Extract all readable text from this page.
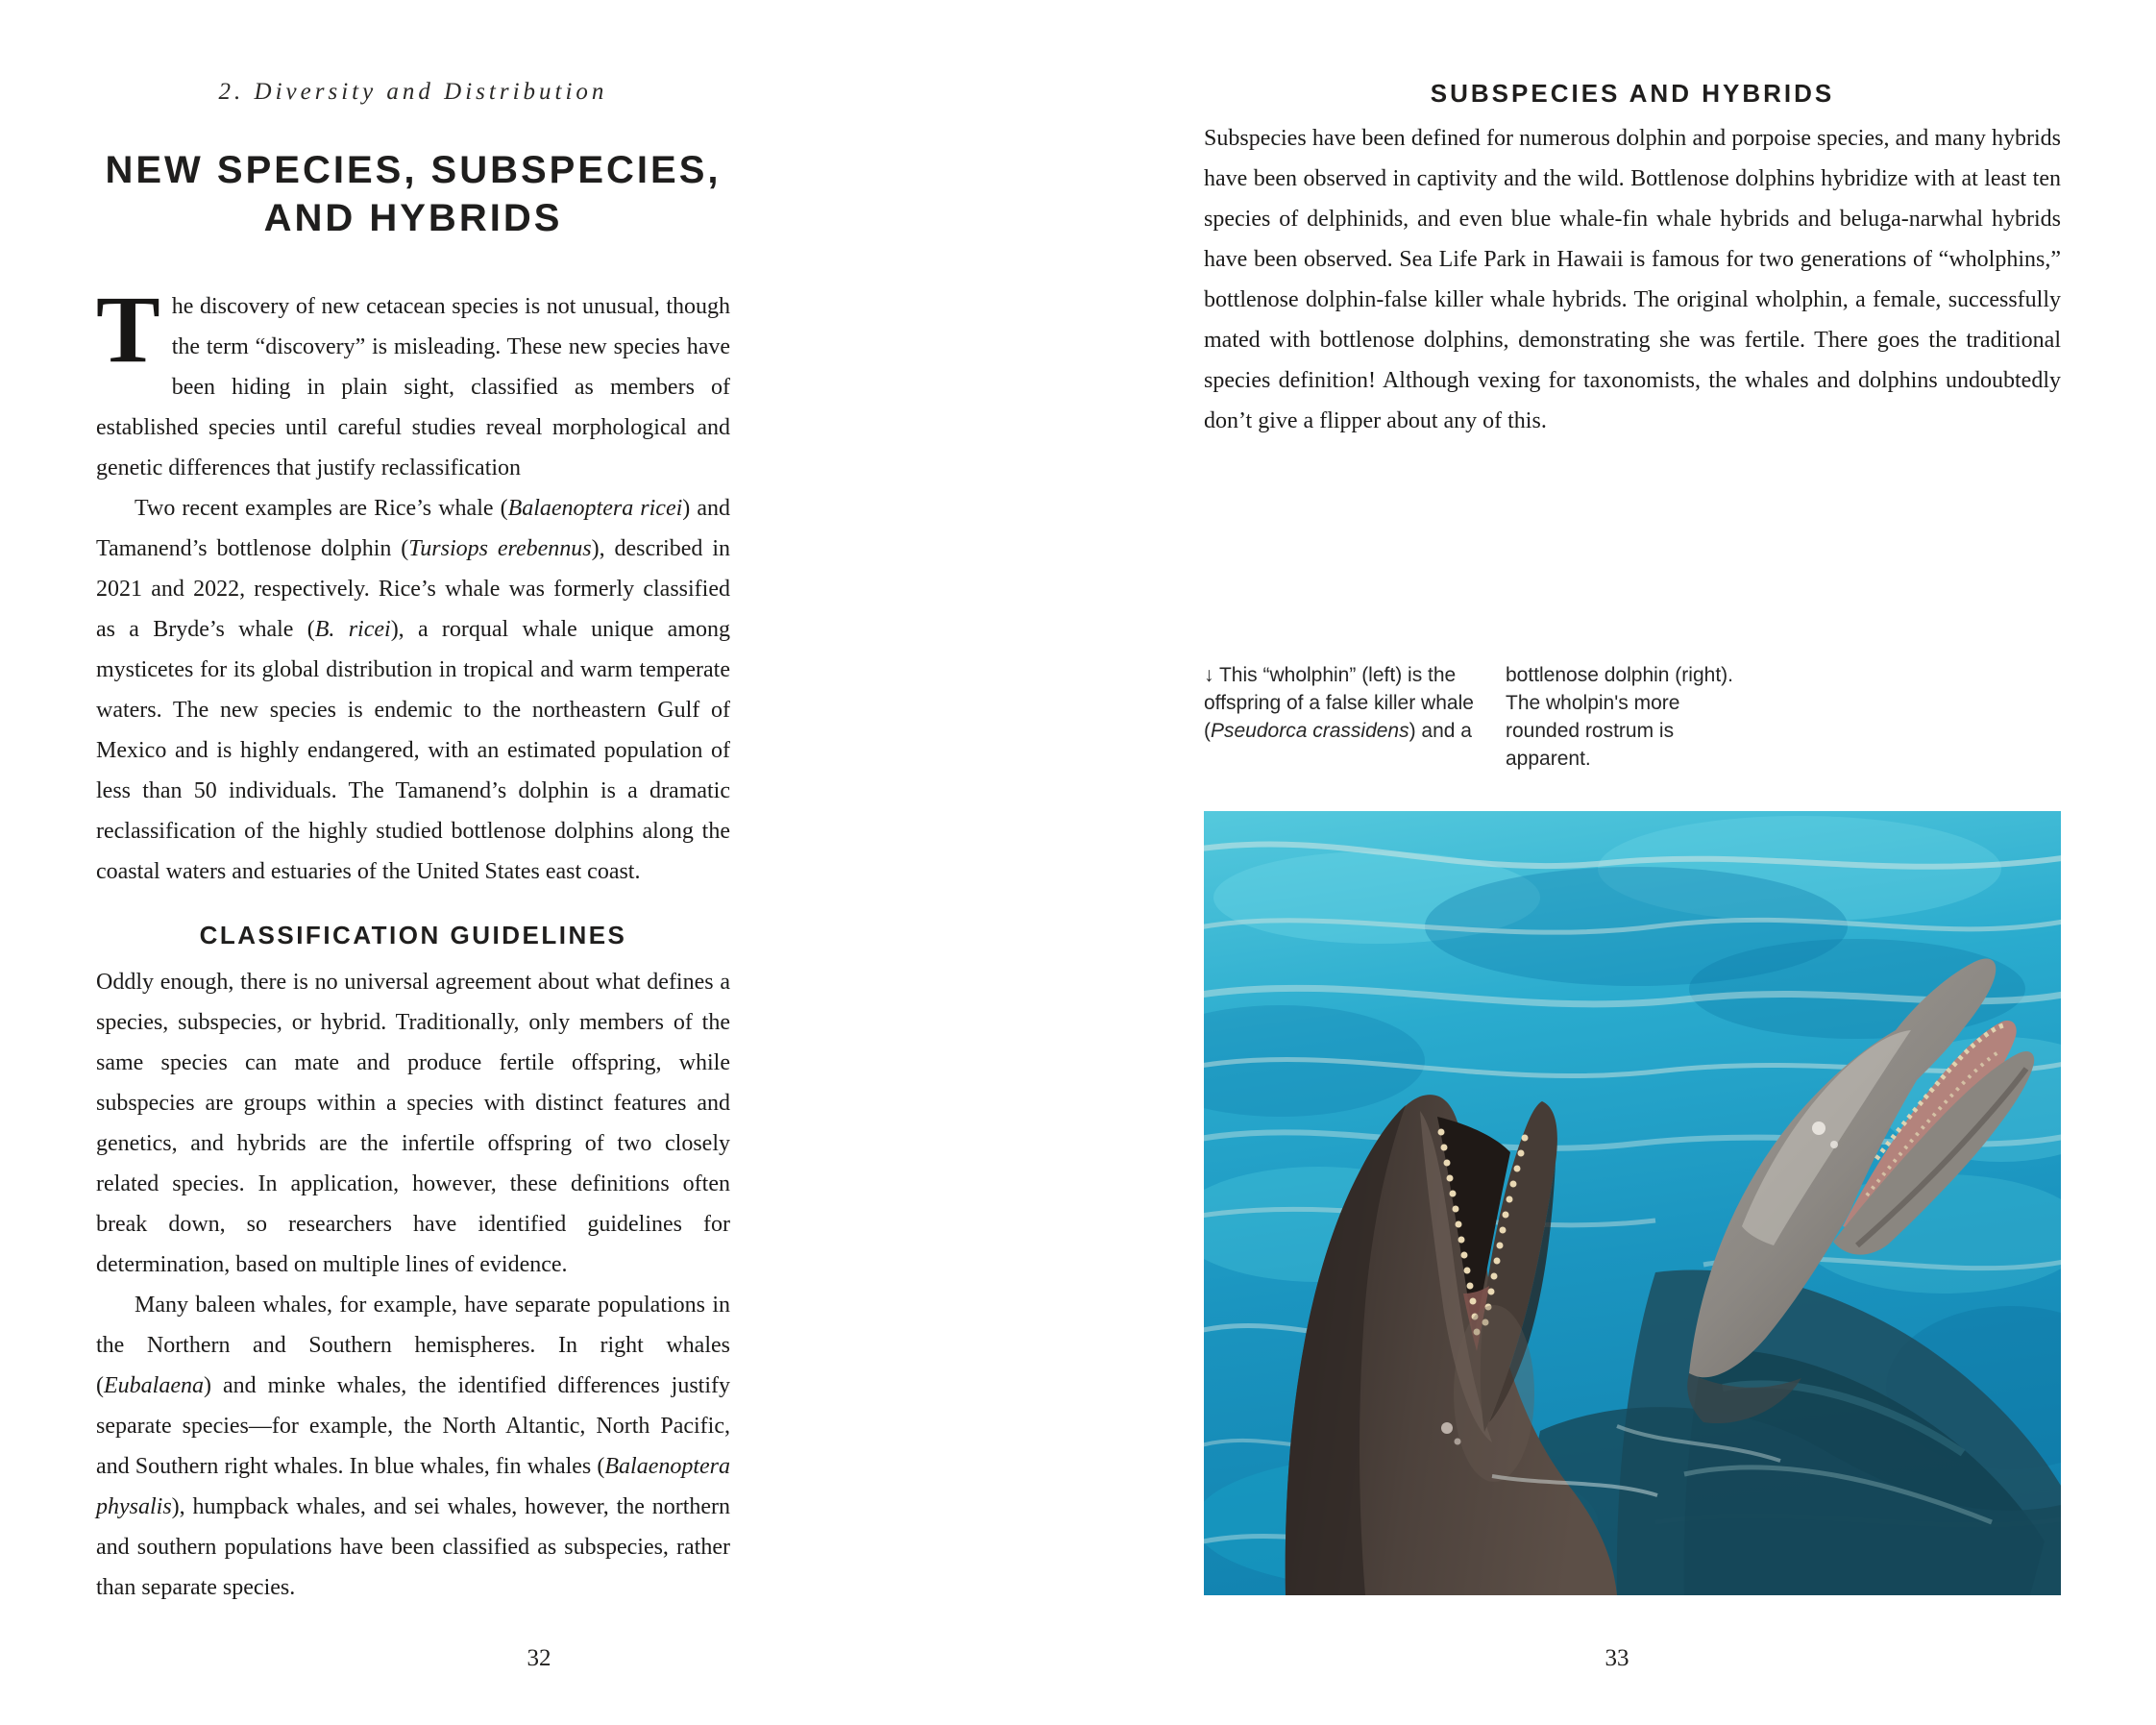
2. Diversity and Distribution
NEW SPECIES, SUBSPECIES,
AND HYBRIDS

The discovery of new cetacean species is not unusual, though the term “discovery” is misleading. These new species have been hiding in plain sight, classified as members of established species until careful studies reveal morphological and genetic differences that justify reclassification

Two recent examples are Rice’s whale (Balaenoptera ricei) and Tamanend’s bottlenose dolphin (Tursiops erebennus), described in 2021 and 2022, respectively. Rice’s whale was formerly classified as a Bryde’s whale (B. ricei), a rorqual whale unique among mysticetes for its global distribution in tropical and warm temperate waters. The new species is endemic to the northeastern Gulf of Mexico and is highly endangered, with an estimated population of less than 50 individuals. The Tamanend’s dolphin is a dramatic reclassification of the highly studied bottlenose dolphins along the coastal waters and estuaries of the United States east coast.

CLASSIFICATION GUIDELINES

Oddly enough, there is no universal agreement about what defines a species, subspecies, or hybrid. Traditionally, only members of the same species can mate and produce fertile offspring, while subspecies are groups within a species with distinct features and genetics, and hybrids are the infertile offspring of two closely related species. In application, however, these definitions often break down, so researchers have identified guidelines for determination, based on multiple lines of evidence.

Many baleen whales, for example, have separate populations in the Northern and Southern hemispheres. In right whales (Eubalaena) and minke whales, the identified differences justify separate species—for example, the North Altantic, North Pacific, and Southern right whales. In blue whales, fin whales (Balaenoptera physalis), humpback whales, and sei whales, however, the northern and southern populations have been classified as subspecies, rather than separate species.

32
SUBSPECIES AND HYBRIDS

Subspecies have been defined for numerous dolphin and porpoise species, and many hybrids have been observed in captivity and the wild. Bottlenose dolphins hybridize with at least ten species of delphinids, and even blue whale-fin whale hybrids and beluga-narwhal hybrids have been observed. Sea Life Park in Hawaii is famous for two generations of “wholphins,” bottlenose dolphin-false killer whale hybrids. The original wholphin, a female, successfully mated with bottlenose dolphins, demonstrating she was fertile. There goes the traditional species definition! Although vexing for taxonomists, the whales and dolphins undoubtedly don’t give a flipper about any of this.

↓ This “wholphin” (left) is the offspring of a false killer whale (Pseudorca crassidens) and a
bottlenose dolphin (right). The wholpin's more rounded rostrum is apparent.
33
